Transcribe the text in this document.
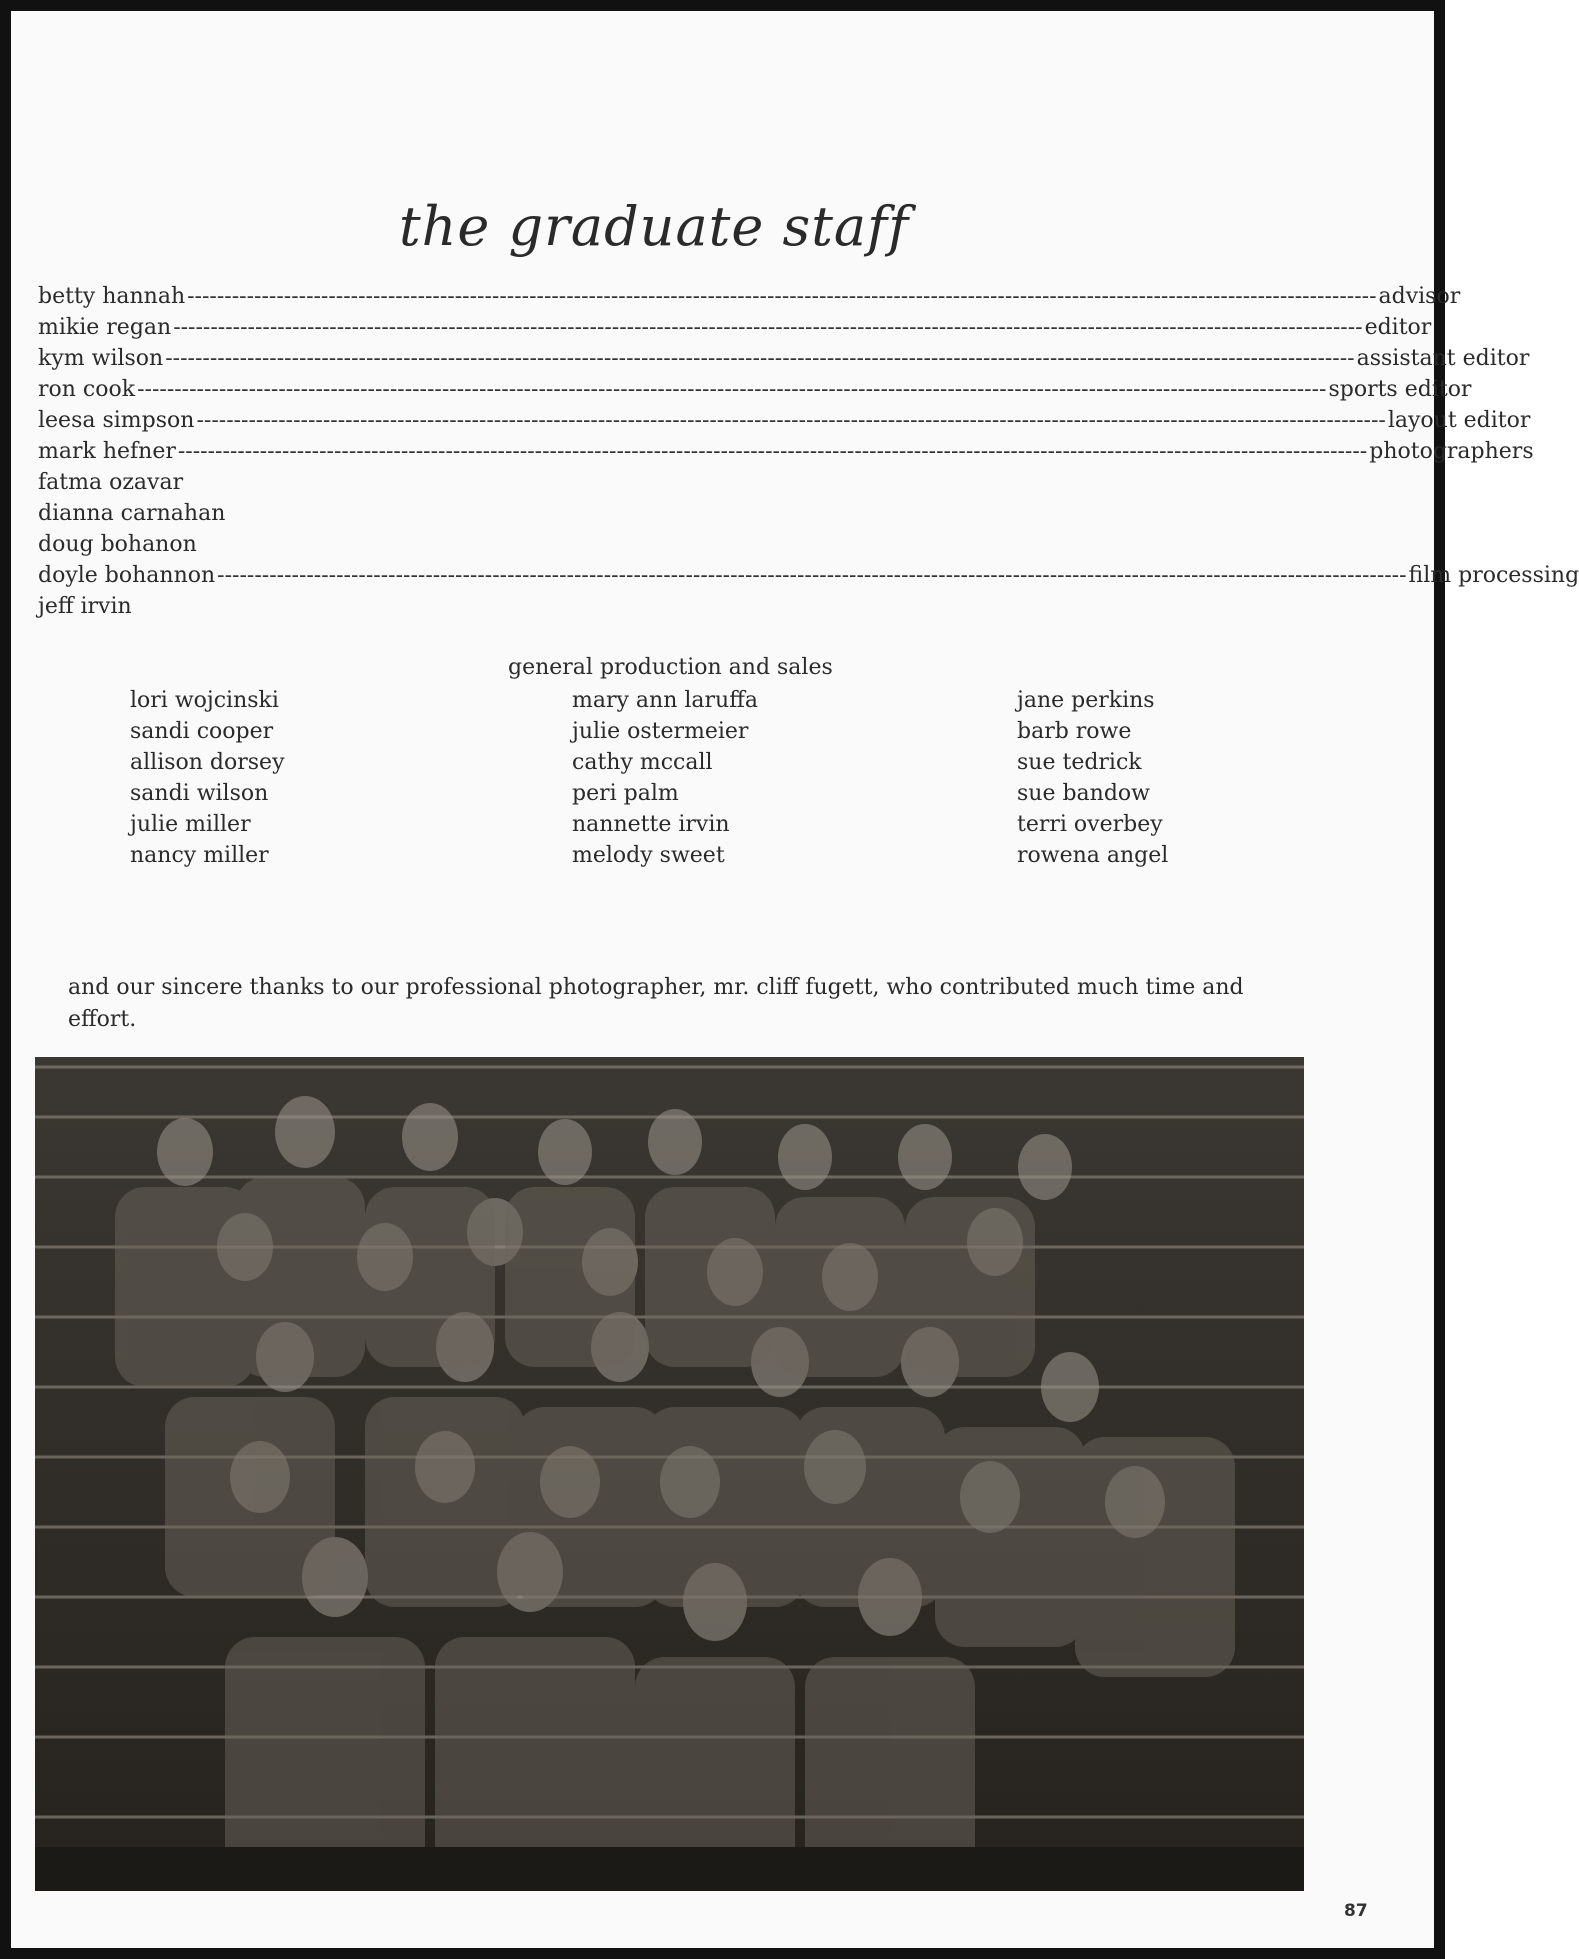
the graduate staff
betty hannah ---------------------------------------------------------------------------------------------------------------------------------------------------------------- advisor
mikie regan ---------------------------------------------------------------------------------------------------------------------------------------------------------------- editor
kym wilson ---------------------------------------------------------------------------------------------------------------------------------------------------------------- assistant editor
ron cook ---------------------------------------------------------------------------------------------------------------------------------------------------------------- sports editor
leesa simpson ---------------------------------------------------------------------------------------------------------------------------------------------------------------- layout editor
mark hefner ---------------------------------------------------------------------------------------------------------------------------------------------------------------- photographers
fatma ozavar
dianna carnahan
doug bohanon
doyle bohannon ---------------------------------------------------------------------------------------------------------------------------------------------------------------- film processing
jeff irvin
general production and sales
lori wojcinski
sandi cooper
allison dorsey
sandi wilson
julie miller
nancy miller
mary ann laruffa
julie ostermeier
cathy mccall
peri palm
nannette irvin
melody sweet
jane perkins
barb rowe
sue tedrick
sue bandow
terri overbey
rowena angel
and our sincere thanks to our professional photographer, mr. cliff fugett, who contributed much time and effort.
87
